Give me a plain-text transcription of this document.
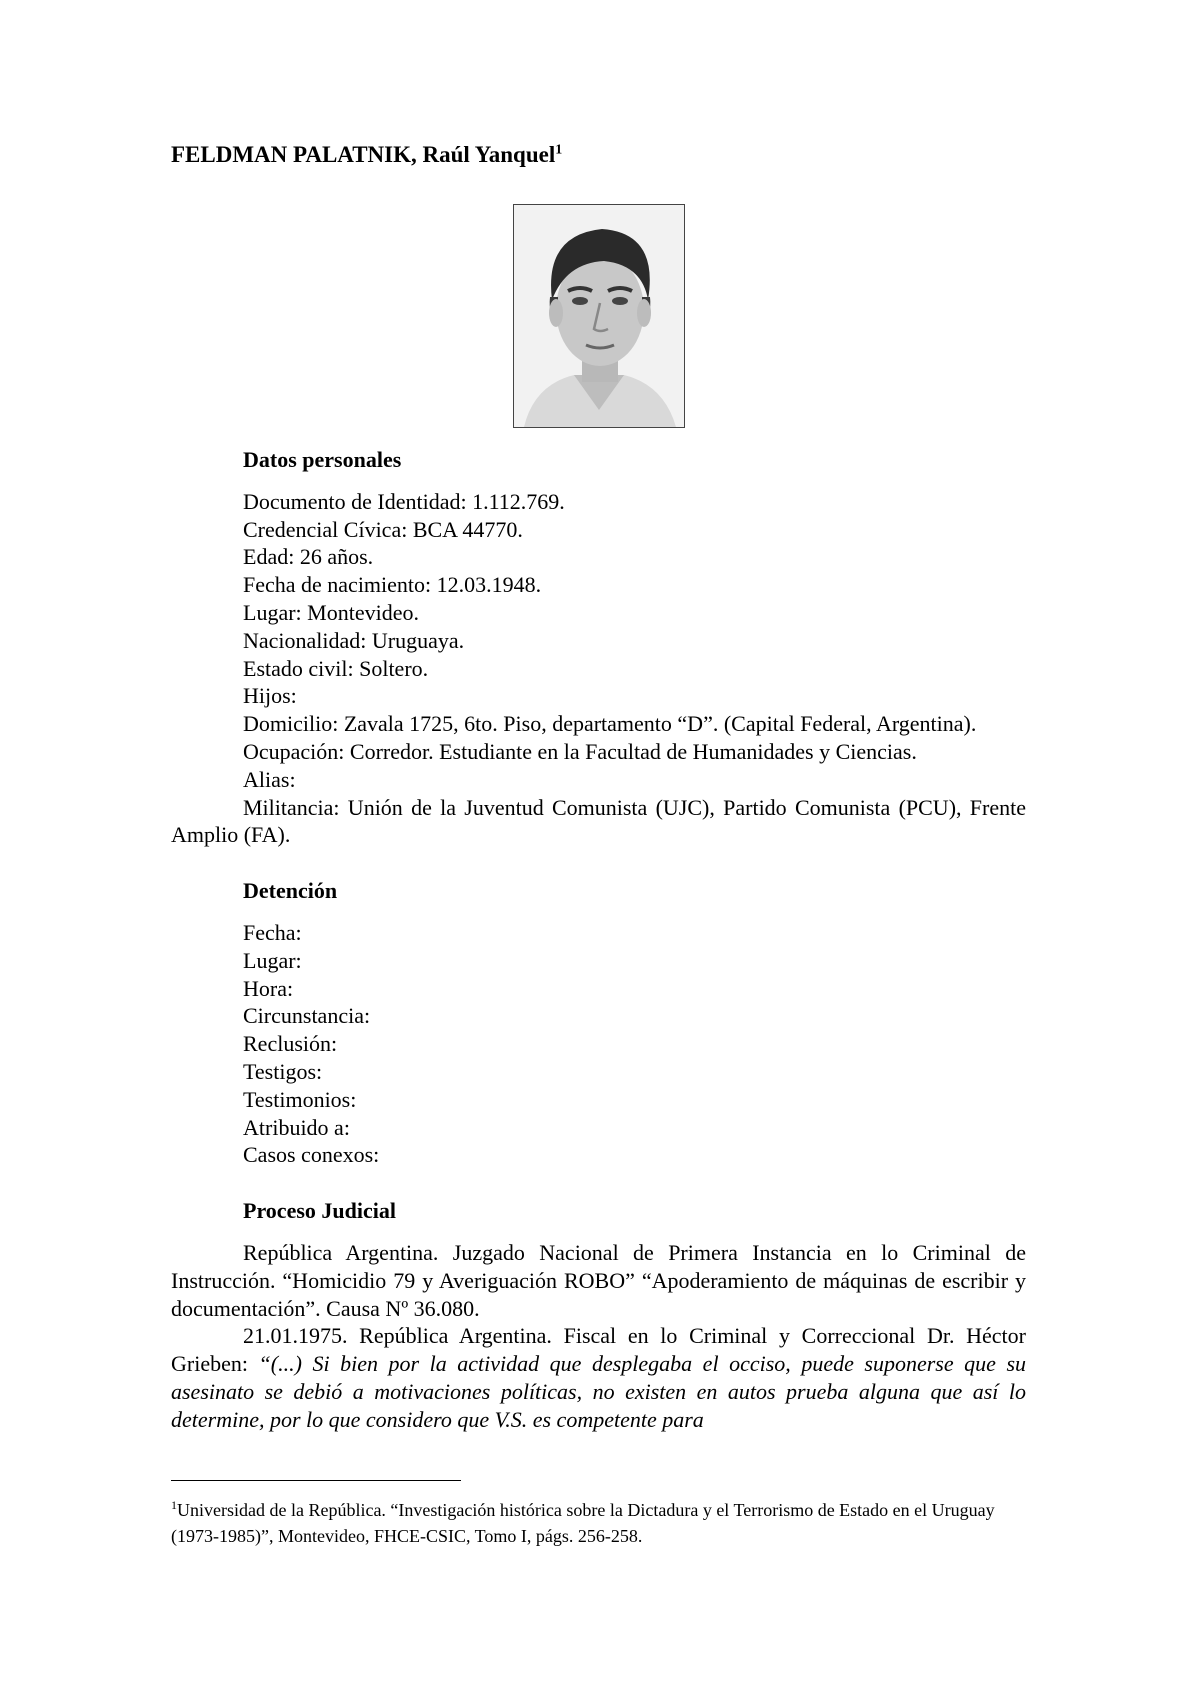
FELDMAN PALATNIK, Raúl Yanquel$^1$
Datos personales
Documento de Identidad: 1.112.769.
Credencial Cívica: BCA 44770.
Edad: 26 años.
Fecha de nacimiento: 12.03.1948.
Lugar: Montevideo.
Nacionalidad: Uruguaya.
Estado civil: Soltero.
Hijos:
Domicilio: Zavala 1725, 6to. Piso, departamento “D”. (Capital Federal, Argentina).
Ocupación: Corredor. Estudiante en la Facultad de Humanidades y Ciencias.
Alias:
Militancia: Unión de la Juventud Comunista (UJC), Partido Comunista (PCU), Frente Amplio (FA).
Detención
Fecha:
Lugar:
Hora:
Circunstancia:
Reclusión:
Testigos:
Testimonios:
Atribuido a:
Casos conexos:
Proceso Judicial
República Argentina. Juzgado Nacional de Primera Instancia en lo Criminal de Instrucción. “Homicidio 79 y Averiguación ROBO” “Apoderamiento de máquinas de escribir y documentación”. Causa Nº 36.080.
21.01.1975. República Argentina. Fiscal en lo Criminal y Correccional Dr. Héctor Grieben: “(...) Si bien por la actividad que desplegaba el occiso, puede suponerse que su asesinato se debió a motivaciones políticas, no existen en autos prueba alguna que así lo determine, por lo que considero que V.S. es competente para
$^1$Universidad de la República. “Investigación histórica sobre la Dictadura y el Terrorismo de Estado en el Uruguay (1973-1985)”, Montevideo, FHCE-CSIC, Tomo I, págs. 256-258.
